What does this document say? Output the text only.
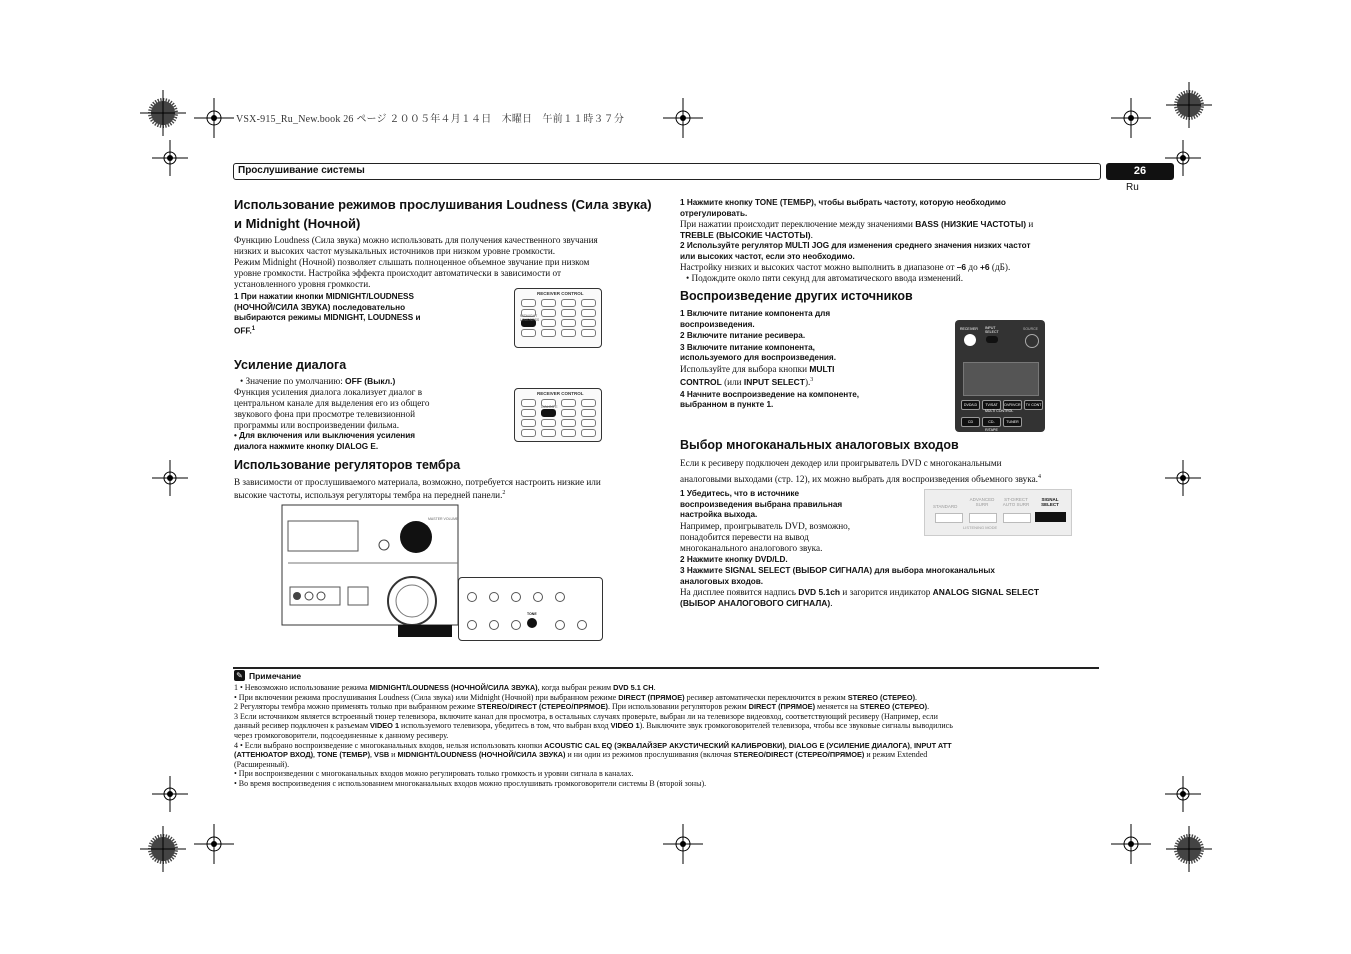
VSX-915_Ru_New.book 26 ページ ２００５年４月１４日　木曜日　午前１１時３７分
Прослушивание системы	26
Ru
Использование режимов прослушивания Loudness (Сила звука)
и Midnight (Ночной)

Функцию Loudness (Сила звука) можно использовать для получения качественного звучания
низких и высоких частот музыкальных источников при низком уровне громкости.
Режим Midnight (Ночной) позволяет слышать полноценное объемное звучание при низком
уровне громкости. Настройка эффекта происходит автоматически в зависимости от
установленного уровня громкости.

1 При нажатии кнопки MIDNIGHT/LOUDNESS
(НОЧНОЙ/СИЛА ЗВУКА) последовательно
выбираются режимы MIDNIGHT, LOUDNESS и
OFF.$^1$

RECEIVER CONTROL
MIDNIGHT LOUDNESS
Усиление диалога

• Значение по умолчанию: OFF (Выкл.)

Функция усиления диалога локализует диалог в
центральном канале для выделения его из общего
звукового фона при просмотре телевизионной
программы или воспроизведении фильма.

• Для включения или выключения усиления
диалога нажмите кнопку DIALOG E.

RECEIVER CONTROL
DIALOG E
Использование регуляторов тембра

В зависимости от прослушиваемого материала, возможно, потребуется настроить низкие или
высокие частоты, используя регуляторы тембра на передней панели.$^2$

MASTER VOLUME
TONE

1 Нажмите кнопку TONE (ТЕМБР), чтобы выбрать частоту, которую необходимо
отрегулировать.

При нажатии происходит переключение между значениями BASS (НИЗКИЕ ЧАСТОТЫ) и
TREBLE (ВЫСОКИЕ ЧАСТОТЫ).

2 Используйте регулятор MULTI JOG для изменения среднего значения низких частот
или высоких частот, если это необходимо.

Настройку низких и высоких частот можно выполнить в диапазоне от –6 до +6 (дБ).

• Подождите около пяти секунд для автоматического ввода изменений.

Воспроизведение других источников

1 Включите питание компонента для
воспроизведения.

2 Включите питание ресивера.

3 Включите питание компонента,
используемого для воспроизведения.

Используйте для выбора кнопки MULTI
CONTROL (или INPUT SELECT).$^3$

4 Начните воспроизведение на компоненте,
выбранном в пункте 1.

RECEIVER INPUT SELECT
SOURCE
DVD/LD	TV/SAT	DVR/VCR	TV CONT
CD	CD-R/TAPE
TUNER
MULTI CONTROL
Выбор многоканальных аналоговых входов

Если к ресиверу подключен декодер или проигрыватель DVD с многоканальными
аналоговыми выходами (стр. 12), их можно выбрать для воспроизведения объемного звука.$^4$

1 Убедитесь, что в источнике
воспроизведения выбрана правильная
настройка выхода.

Например, проигрыватель DVD, возможно,
понадобится перевести на вывод
многоканального аналогового звука.

2 Нажмите кнопку DVD/LD.

3 Нажмите SIGNAL SELECT (ВЫБОР СИГНАЛА) для выбора многоканальных
аналоговых входов.

На дисплее появится надпись DVD 5.1ch и загорится индикатор ANALOG SIGNAL SELECT
(ВЫБОР АНАЛОГОВОГО СИГНАЛА).

STANDARD
ADVANCED SURR
ST-DIRECT AUTO SURR
SIGNAL SELECT
LISTENING MODE
✎ Примечание

1 • Невозможно использование режима MIDNIGHT/LOUDNESS (НОЧНОЙ/СИЛА ЗВУКА), когда выбран режим DVD 5.1 CH.

• При включении режима прослушивания Loudness (Сила звука) или Midnight (Ночной) при выбранном режиме DIRECT (ПРЯМОЕ) ресивер автоматически переключится в режим STEREO (СТЕРЕО).

2 Регуляторы тембра можно применять только при выбранном режиме STEREO/DIRECT (СТЕРЕО/ПРЯМОЕ). При использовании регуляторов режим DIRECT (ПРЯМОЕ) меняется на STEREO (СТЕРЕО).

3 Если источником является встроенный тюнер телевизора, включите канал для просмотра, в остальных случаях проверьте, выбран ли на телевизоре видеовход, соответствующий ресиверу (Например, если
данный ресивер подключен к разъемам VIDEO 1 используемого телевизора, убедитесь в том, что выбран вход VIDEO 1). Выключите звук громкоговорителей телевизора, чтобы все звуковые сигналы выводились
через громкоговорители, подсоединенные к данному ресиверу.

4 • Если выбрано воспроизведение с многоканальных входов, нельзя использовать кнопки ACOUSTIC CAL EQ (ЭКВАЛАЙЗЕР АКУСТИЧЕСКИЙ КАЛИБРОВКИ), DIALOG E (УСИЛЕНИЕ ДИАЛОГА), INPUT ATT
(АТТЕНЮАТОР ВХОД), TONE (ТЕМБР), VSB и MIDNIGHT/LOUDNESS (НОЧНОЙ/СИЛА ЗВУКА) и ни один из режимов прослушивания (включая STEREO/DIRECT (СТЕРЕО/ПРЯМОЕ) и режим Extended
(Расширенный).

• При воспроизведении с многоканальных входов можно регулировать только громкость и уровни сигнала в каналах.

• Во время воспроизведения с использованием многоканальных входов можно прослушивать громкоговорители системы B (второй зоны).
